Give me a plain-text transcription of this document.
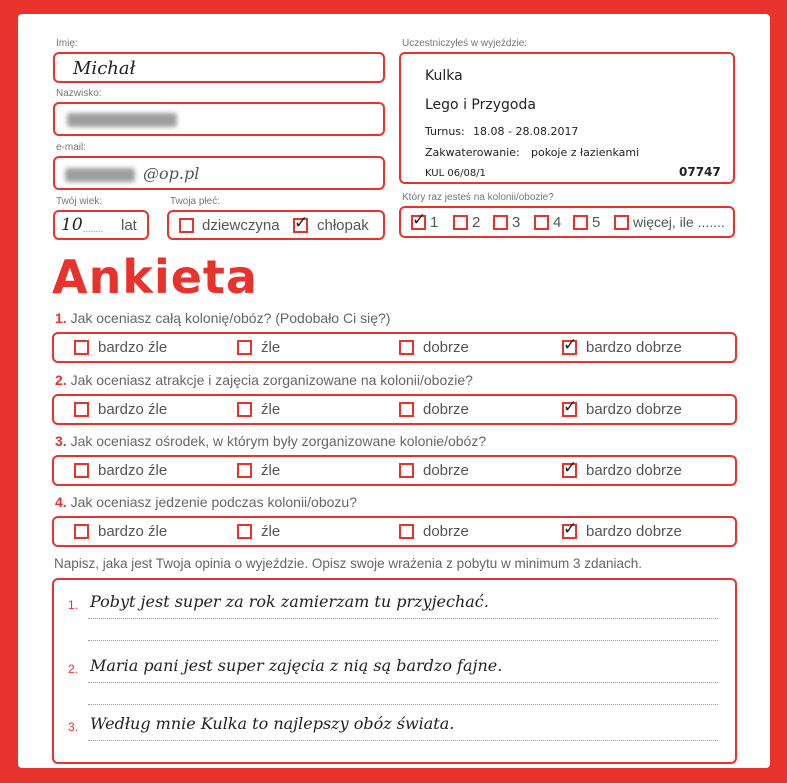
Imię:
Michał
Nazwisko:
e-mail:
@op.pl
Twój wiek:
10 ........ lat
Twoja płeć:
dziewczyna ✓ chłopak
Uczestniczyłeś w wyjeździe:
Kulka
Lego i Przygoda
Turnus: 18.08 - 28.08.2017
Zakwaterowanie: pokoje z łazienkami
KUL 06/08/1	07747
Który raz jesteś na kolonii/obozie?
✓ 1 2 3 4 5 więcej, ile .......
Ankieta
1. Jak oceniasz całą kolonię/obóz? (Podobało Ci się?)
bardzo źle	źle	dobrze	✓ bardzo dobrze
2. Jak oceniasz atrakcje i zajęcia zorganizowane na kolonii/obozie?
bardzo źle	źle	dobrze	✓ bardzo dobrze
3. Jak oceniasz ośrodek, w którym były zorganizowane kolonie/obóz?
bardzo źle	źle	dobrze	✓ bardzo dobrze
4. Jak oceniasz jedzenie podczas kolonii/obozu?
bardzo źle	źle	dobrze	✓ bardzo dobrze
Napisz, jaka jest Twoja opinia o wyjeździe. Opisz swoje wrażenia z pobytu w minimum 3 zdaniach.
1. Pobyt jest super za rok zamierzam tu przyjechać.
2. Maria pani jest super zajęcia z nią są bardzo fajne.
3. Według mnie Kulka to najlepszy obóz świata.
